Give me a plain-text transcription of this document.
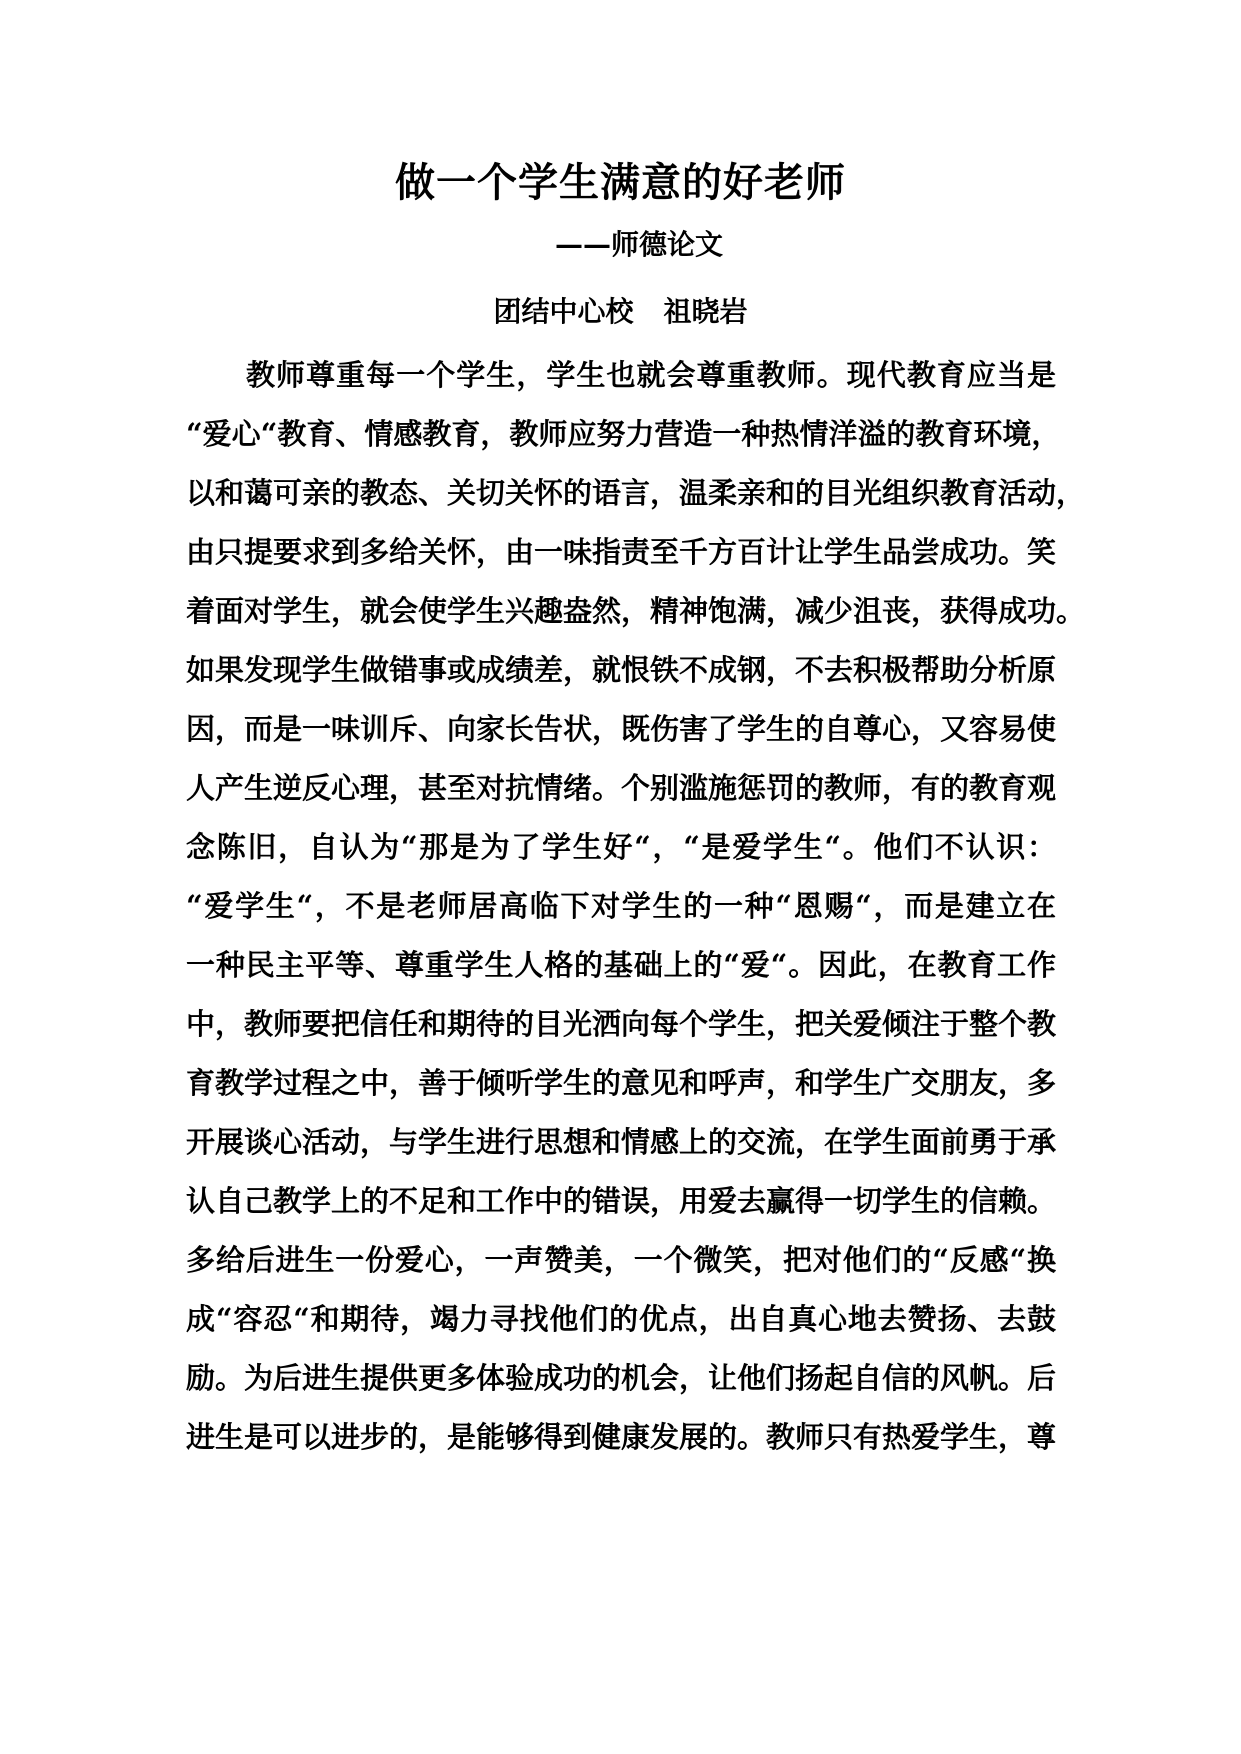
做一个学生满意的好老师
——师德论文
团结中心校 祖晓岩
教师尊重每一个学生，学生也就会尊重教师。现代教育应当是
“爱心“教育、情感教育，教师应努力营造一种热情洋溢的教育环境，
以和蔼可亲的教态、关切关怀的语言，温柔亲和的目光组织教育活动，
由只提要求到多给关怀，由一味指责至千方百计让学生品尝成功。笑
着面对学生，就会使学生兴趣盎然，精神饱满，减少沮丧，获得成功。
如果发现学生做错事或成绩差，就恨铁不成钢，不去积极帮助分析原
因，而是一味训斥、向家长告状，既伤害了学生的自尊心，又容易使
人产生逆反心理，甚至对抗情绪。个别滥施惩罚的教师，有的教育观
念陈旧，自认为“那是为了学生好“，“是爱学生“。他们不认识：
“爱学生“，不是老师居高临下对学生的一种“恩赐“，而是建立在
一种民主平等、尊重学生人格的基础上的“爱“。因此，在教育工作
中，教师要把信任和期待的目光洒向每个学生，把关爱倾注于整个教
育教学过程之中，善于倾听学生的意见和呼声，和学生广交朋友，多
开展谈心活动，与学生进行思想和情感上的交流，在学生面前勇于承
认自己教学上的不足和工作中的错误，用爱去赢得一切学生的信赖。
多给后进生一份爱心，一声赞美，一个微笑，把对他们的“反感“换
成“容忍“和期待，竭力寻找他们的优点，出自真心地去赞扬、去鼓
励。为后进生提供更多体验成功的机会，让他们扬起自信的风帆。后
进生是可以进步的，是能够得到健康发展的。教师只有热爱学生，尊
